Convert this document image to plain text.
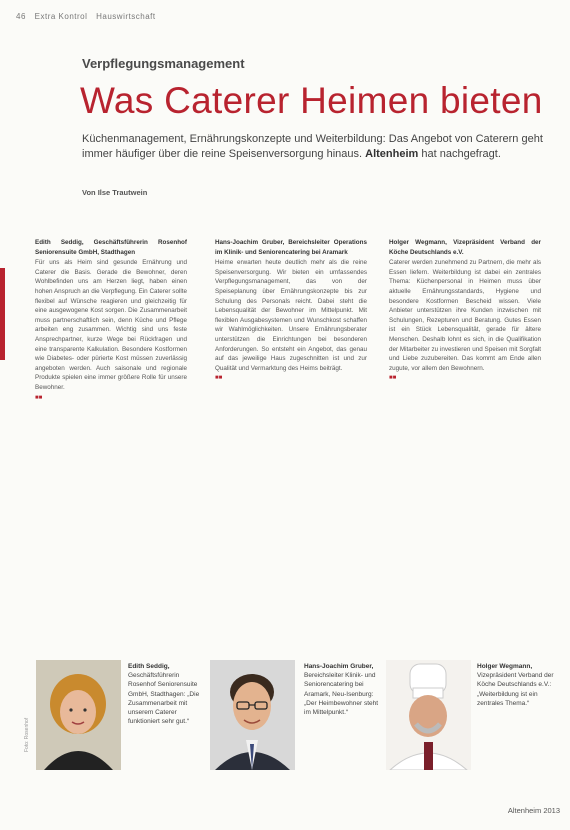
46 Extra Kontrol Hauswirtschaft
Verpflegungsmanagement
Was Caterer Heimen bieten
Küchenmanagement, Ernährungskonzepte und Weiterbildung: Das Angebot von Caterern geht immer häufiger über die reine Speisenversorgung hinaus. Altenheim hat nachgefragt.
Von Ilse Trautwein
Edith Seddig, Geschäftsführerin Rosenhof Seniorensuite GmbH, Stadthagen

Für uns als Heim sind gesunde Ernährung und Caterer die Basis. Gerade die Bewohner, deren Wohlbefinden uns am Herzen liegt, haben einen hohen Anspruch an die Verpflegung. Ein Caterer sollte flexibel auf Wünsche reagieren und gleichzeitig für eine ausgewogene Kost sorgen. Die Zusammenarbeit muss partnerschaftlich sein, denn Küche und Pflege arbeiten eng zusammen. Wichtig sind uns feste Ansprechpartner, kurze Wege bei Rückfragen und eine transparente Kalkulation. Besondere Kostformen wie Diabetes- oder pürierte Kost müssen zuverlässig angeboten werden. Auch saisonale und regionale Produkte spielen eine immer größere Rolle für unsere Bewohner.

■■
Hans-Joachim Gruber, Bereichsleiter Operations im Klinik- und Seniorencatering bei Aramark

Heime erwarten heute deutlich mehr als die reine Speisenversorgung. Wir bieten ein umfassendes Verpflegungsmanagement, das von der Speiseplanung über Ernährungskonzepte bis zur Schulung des Personals reicht. Dabei steht die Lebensqualität der Bewohner im Mittelpunkt. Mit flexiblen Ausgabesystemen und Wunschkost schaffen wir Wahlmöglichkeiten. Unsere Ernährungsberater unterstützen die Einrichtungen bei besonderen Anforderungen. So entsteht ein Angebot, das genau auf das jeweilige Haus zugeschnitten ist und zur Qualität und Vermarktung des Heims beiträgt.

■■
Holger Wegmann, Vizepräsident Verband der Köche Deutschlands e.V.

Caterer werden zunehmend zu Partnern, die mehr als Essen liefern. Weiterbildung ist dabei ein zentrales Thema: Küchenpersonal in Heimen muss über aktuelle Ernährungsstandards, Hygiene und besondere Kostformen Bescheid wissen. Viele Anbieter unterstützen ihre Kunden inzwischen mit Schulungen, Rezepturen und Beratung. Gutes Essen ist ein Stück Lebensqualität, gerade für ältere Menschen. Deshalb lohnt es sich, in die Qualifikation der Mitarbeiter zu investieren und Speisen mit Sorgfalt und Liebe zuzubereiten. Das kommt am Ende allen zugute, vor allem den Bewohnern.

■■
Edith Seddig, Geschäftsführerin Rosenhof Seniorensuite GmbH, Stadthagen: „Die Zusammenarbeit mit unserem Caterer funktioniert sehr gut.“
Hans-Joachim Gruber, Bereichsleiter Klinik- und Seniorencatering bei Aramark, Neu-Isenburg: „Der Heimbewohner steht im Mittelpunkt.“
Holger Wegmann, Vizepräsident Verband der Köche Deutschlands e.V.: „Weiterbildung ist ein zentrales Thema.“
Foto: Rosenhof
Altenheim 2013
